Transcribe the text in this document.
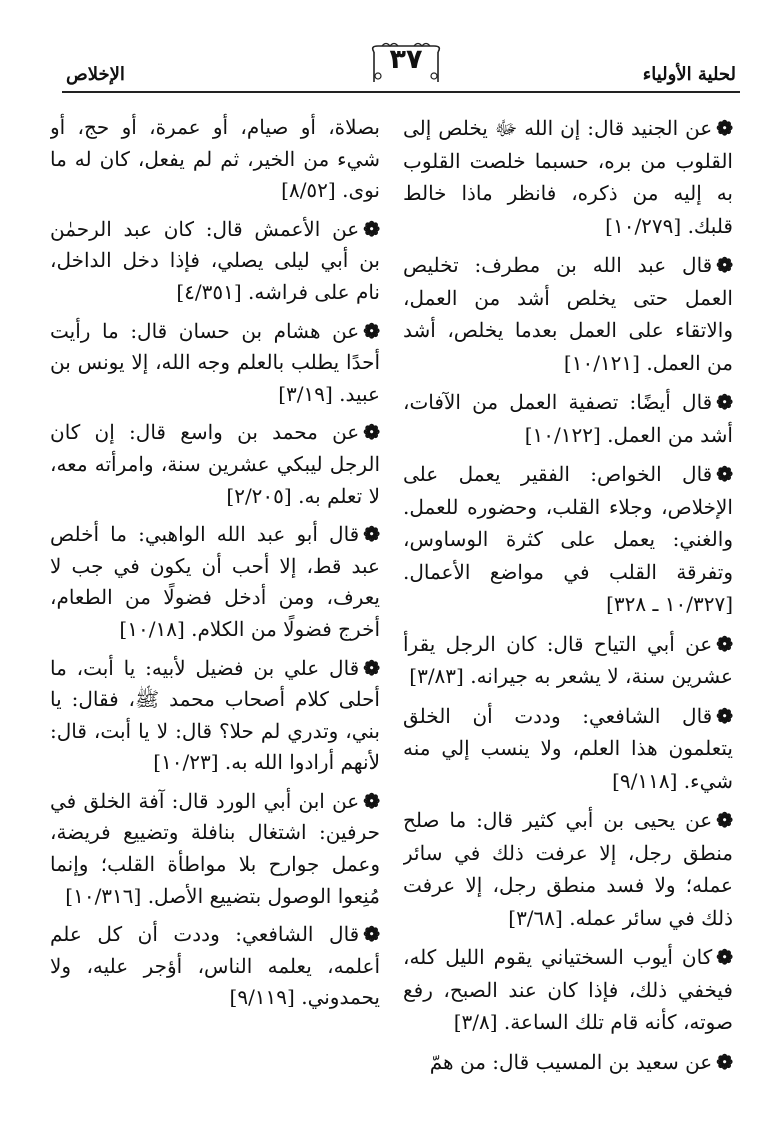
لحلية الأولياء
٣٧
الإخلاص

❁عن الجنيد قال: إن الله ﷻ يخلص إلى القلوب من بره، حسبما خلصت القلوب به إليه من ذكره، فانظر ماذا خالط قلبك. [١٠/٢٧٩]

❁قال عبد الله بن مطرف: تخليص العمل حتى يخلص أشد من العمل، والاتقاء على العمل بعدما يخلص، أشد من العمل. [١٠/١٢١]

❁قال أيضًا: تصفية العمل من الآفات، أشد من العمل. [١٠/١٢٢]

❁قال الخواص: الفقير يعمل على الإخلاص، وجلاء القلب، وحضوره للعمل. والغني: يعمل على كثرة الوساوس، وتفرقة القلب في مواضع الأعمال. [١٠/٣٢٧ ـ ٣٢٨]

❁عن أبي التياح قال: كان الرجل يقرأ عشرين سنة، لا يشعر به جيرانه. [٣/٨٣]

❁قال الشافعي: وددت أن الخلق يتعلمون هذا العلم، ولا ينسب إلي منه شيء. [٩/١١٨]

❁عن يحيى بن أبي كثير قال: ما صلح منطق رجل، إلا عرفت ذلك في سائر عمله؛ ولا فسد منطق رجل، إلا عرفت ذلك في سائر عمله. [٣/٦٨]

❁كان أيوب السختياني يقوم الليل كله، فيخفي ذلك، فإذا كان عند الصبح، رفع صوته، كأنه قام تلك الساعة. [٣/٨]

❁عن سعيد بن المسيب قال: من همّ

بصلاة، أو صيام، أو عمرة، أو حج، أو شيء من الخير، ثم لم يفعل، كان له ما نوى. [٨/٥٢]

❁عن الأعمش قال: كان عبد الرحمٰن بن أبي ليلى يصلي، فإذا دخل الداخل، نام على فراشه. [٤/٣٥١]

❁عن هشام بن حسان قال: ما رأيت أحدًا يطلب بالعلم وجه الله، إلا يونس بن عبيد. [٣/١٩]

❁عن محمد بن واسع قال: إن كان الرجل ليبكي عشرين سنة، وامرأته معه، لا تعلم به. [٢/٢٠٥]

❁قال أبو عبد الله الواهبي: ما أخلص عبد قط، إلا أحب أن يكون في جب لا يعرف، ومن أدخل فضولًا من الطعام، أخرج فضولًا من الكلام. [١٠/١٨]

❁قال علي بن فضيل لأبيه: يا أبت، ما أحلى كلام أصحاب محمد ﷺ، فقال: يا بني، وتدري لم حلا؟ قال: لا يا أبت، قال: لأنهم أرادوا الله به. [١٠/٢٣]

❁عن ابن أبي الورد قال: آفة الخلق في حرفين: اشتغال بنافلة وتضييع فريضة، وعمل جوارح بلا مواطأة القلب؛ وإنما مُنِعوا الوصول بتضييع الأصل. [١٠/٣١٦]

❁قال الشافعي: وددت أن كل علم أعلمه، يعلمه الناس، أؤجر عليه، ولا يحمدوني. [٩/١١٩]
